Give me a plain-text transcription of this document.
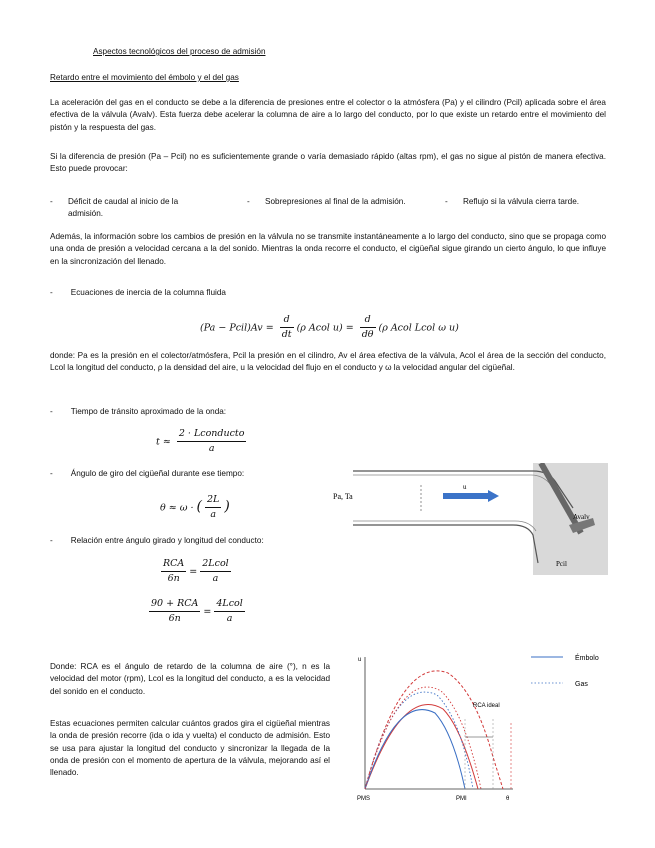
Aspectos tecnológicos del proceso de admisión
Retardo entre el movimiento del émbolo y el del gas
La aceleración del gas en el conducto se debe a la diferencia de presiones entre el colector o la atmósfera (Pa) y el cilindro (Pcil) aplicada sobre el área efectiva de la válvula (Avalv). Esta fuerza debe acelerar la columna de aire a lo largo del conducto, por lo que existe un retardo entre el movimiento del pistón y la respuesta del gas.
Si la diferencia de presión (Pa – Pcil) no es suficientemente grande o varía demasiado rápido (altas rpm), el gas no sigue al pistón de manera efectiva. Esto puede provocar:
- Déficit de caudal al inicio de la admisión.
- Sobrepresiones al final de la admisión.	- Reflujo si la válvula cierra tarde.
Además, la información sobre los cambios de presión en la válvula no se transmite instantáneamente a lo largo del conducto, sino que se propaga como una onda de presión a velocidad cercana a la del sonido. Mientras la onda recorre el conducto, el cigüeñal sigue girando un cierto ángulo, lo que influye en la sincronización del llenado.
- Ecuaciones de inercia de la columna fluida
(Pa − Pcil)Av = $\frac{d}{dt} (\rho$ Acol $u) = \frac{d}{d\theta} (\rho$ Acol Lcol ω u)
donde: Pa es la presión en el colector/atmósfera, Pcil la presión en el cilindro, Av el área efectiva de la válvula, Acol el área de la sección del conducto, Lcol la longitud del conducto, ρ la densidad del aire, u la velocidad del flujo en el conducto y ω la velocidad angular del cigüeñal.
- Tiempo de tránsito aproximado de la onda:
$t \approx \frac{\text{2 · Lconducto}}{a}$
- Ángulo de giro del cigüeñal durante ese tiempo:
θ ≈ ω · ( $\frac{2L}{a}$ )
- Relación entre ángulo girado y longitud del conducto:
$\frac{\text{RCA}}{6n} = \frac{\text{2Lcol}}{a}$
$\frac{\text{90 + RCA}}{6n} = \frac{\text{4Lcol}}{a}$
Donde: RCA es el ángulo de retardo de la columna de aire (°), n es la velocidad del motor (rpm), Lcol es la longitud del conducto, a es la velocidad del sonido en el conducto.
Estas ecuaciones permiten calcular cuántos grados gira el cigüeñal mientras la onda de presión recorre (ida o ida y vuelta) el conducto de admisión. Esto se usa para ajustar la longitud del conducto y sincronizar la llegada de la onda de presión con el momento de apertura de la válvula, mejorando así el llenado.
u
Pa, Ta
Avalv
Pcil
u
RCA ideal
PMS	PMI	θ
Émbolo
Gas
